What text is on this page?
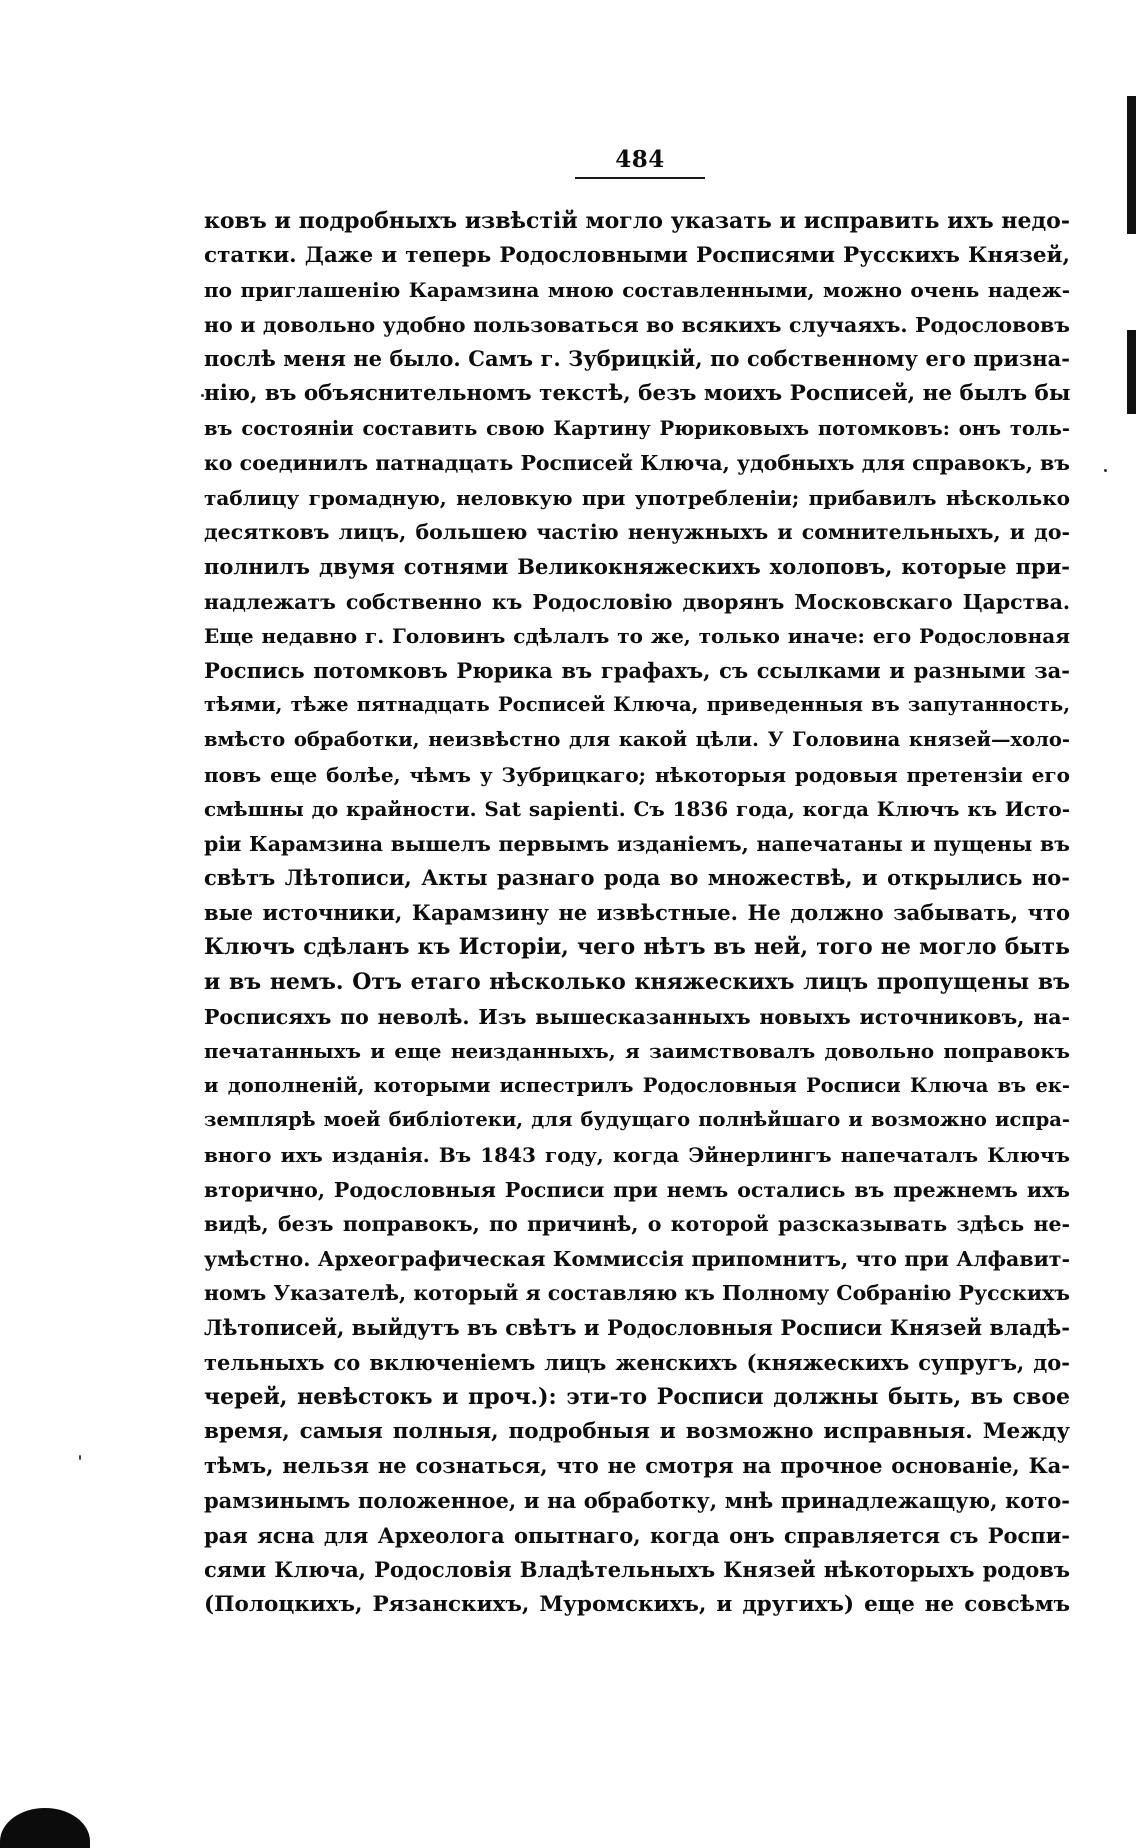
484
ковъ и подробныхъ извѣстій могло указать и исправить ихъ недо-
статки. Даже и теперь Родословными Росписями Русскихъ Князей,
по приглашенію Карамзина мною составленными, можно очень надеж-
но и довольно удобно пользоваться во всякихъ случаяхъ. Родослововъ
послѣ меня не было. Самъ г. Зубрицкій, по собственному его призна-
нію, въ объяснительномъ текстѣ, безъ моихъ Росписей, не былъ бы
въ состояніи составить свою Картину Рюриковыхъ потомковъ: онъ толь-
ко соединилъ патнадцать Росписей Ключа, удобныхъ для справокъ, въ
таблицу громадную, неловкую при употребленіи; прибавилъ нѣсколько
десятковъ лицъ, большею частію ненужныхъ и сомнительныхъ, и до-
полнилъ двумя сотнями Великокняжескихъ холоповъ, которые при-
надлежатъ собственно къ Родословію дворянъ Московскаго Царства.
Еще недавно г. Головинъ сдѣлалъ то же, только иначе: его Родословная
Роспись потомковъ Рюрика въ графахъ, съ ссылками и разными за-
тѣями, тѣже пятнадцать Росписей Ключа, приведенныя въ запутанность,
вмѣсто обработки, неизвѣстно для какой цѣли. У Головина князей—холо-
повъ еще болѣе, чѣмъ у Зубрицкаго; нѣкоторыя родовыя претензіи его
смѣшны до крайности. Sat sapienti. Съ 1836 года, когда Ключъ къ Исто-
ріи Карамзина вышелъ первымъ изданіемъ, напечатаны и пущены въ
свѣтъ Лѣтописи, Акты разнаго рода во множествѣ, и открылись но-
вые источники, Карамзину не извѣстные. Не должно забывать, что
Ключъ сдѣланъ къ Исторіи, чего нѣтъ въ ней, того не могло быть
и въ немъ. Отъ етаго нѣсколько княжескихъ лицъ пропущены въ
Росписяхъ по неволѣ. Изъ вышесказанныхъ новыхъ источниковъ, на-
печатанныхъ и еще неизданныхъ, я заимствовалъ довольно поправокъ
и дополненій, которыми испестрилъ Родословныя Росписи Ключа въ ек-
земплярѣ моей библіотеки, для будущаго полнѣйшаго и возможно испра-
вного ихъ изданія. Въ 1843 году, когда Эйнерлингъ напечаталъ Ключъ
вторично, Родословныя Росписи при немъ остались въ прежнемъ ихъ
видѣ, безъ поправокъ, по причинѣ, о которой разсказывать здѣсь не-
умѣстно. Археографическая Коммиссія припомнитъ, что при Алфавит-
номъ Указателѣ, который я составляю къ Полному Собранію Русскихъ
Лѣтописей, выйдутъ въ свѣтъ и Родословныя Росписи Князей владѣ-
тельныхъ со включеніемъ лицъ женскихъ (княжескихъ супругъ, до-
черей, невѣстокъ и проч.): эти-то Росписи должны быть, въ свое
время, самыя полныя, подробныя и возможно исправныя. Между
тѣмъ, нельзя не сознаться, что не смотря на прочное основаніе, Ка-
рамзинымъ положенное, и на обработку, мнѣ принадлежащую, кото-
рая ясна для Археолога опытнаго, когда онъ справляется съ Роспи-
сями Ключа, Родословія Владѣтельныхъ Князей нѣкоторыхъ родовъ
(Полоцкихъ, Рязанскихъ, Муромскихъ, и другихъ) еще не совсѣмъ
